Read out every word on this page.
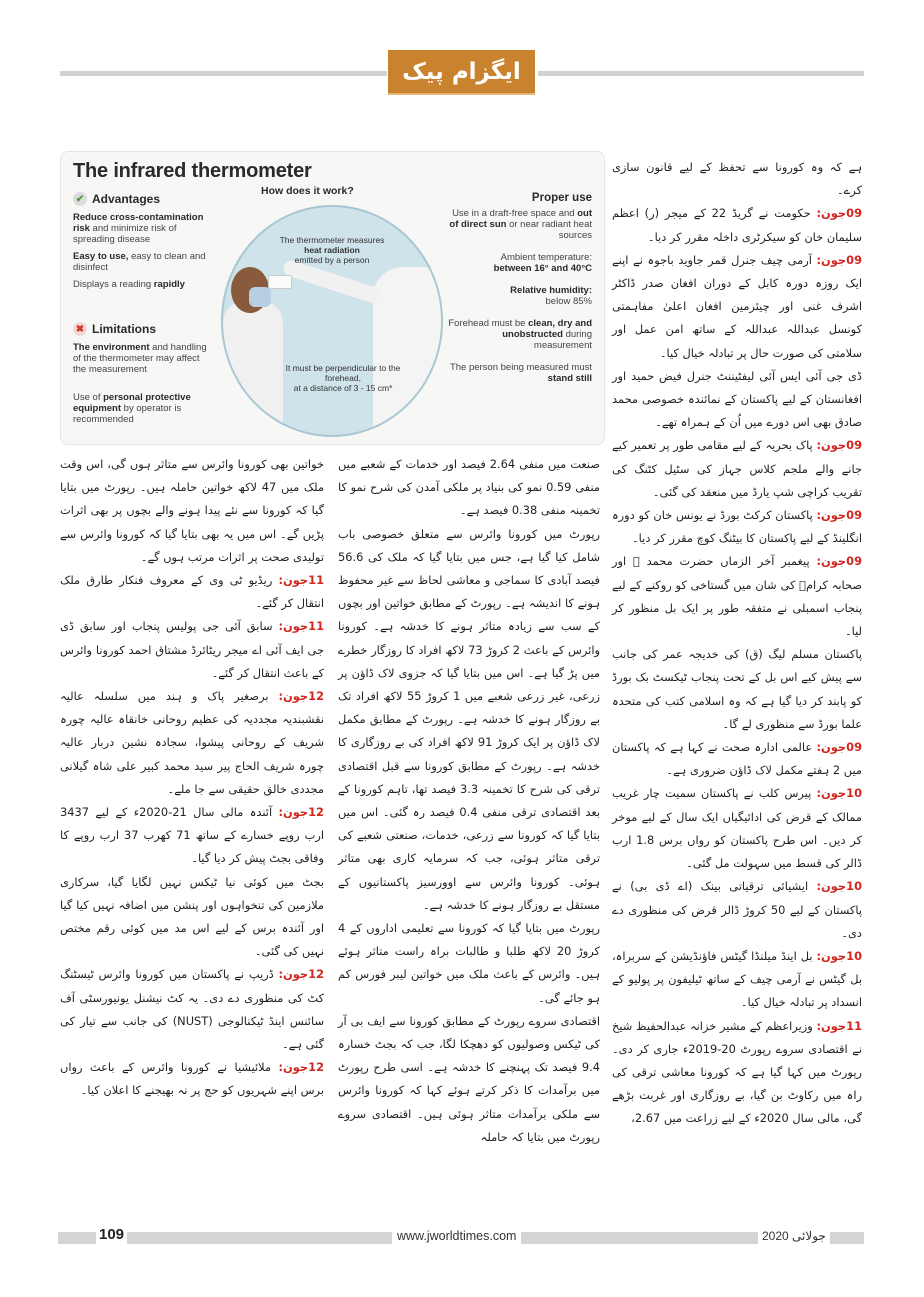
ایگزام پیک
The infrared thermometer
✔ Advantages
Reduce cross-contamination risk and minimize risk of spreading disease
Easy to use, easy to clean and disinfect
Displays a reading rapidly
✖ Limitations
The environment and handling of the thermometer may affect the measurement
Use of personal protective equipment by operator is recommended
How does it work?
The thermometer measures
heat radiation
emitted by a person
It must be perpendicular to the forehead,
at a distance of 3 - 15 cm*
Proper use
Use in a draft-free space and out of direct sun or near radiant heat sources
Ambient temperature:
between 16° and 40°C
Relative humidity:
below 85%
Forehead must be clean, dry and unobstructed during measurement
The person being measured must
stand still

ہے کہ وہ کورونا سے تحفظ کے لیے قانون سازی کرے۔

09جون: حکومت نے گریڈ 22 کے میجر (ر) اعظم سلیمان خان کو سیکرٹری داخلہ مقرر کر دیا۔

09جون: آرمی چیف جنرل قمر جاوید باجوہ نے اپنے ایک روزہ دورہ کابل کے دوران افغان صدر ڈاکٹر اشرف غنی اور چیئرمین افغان اعلیٰ مفاہمتی کونسل عبداللہ عبداللہ کے ساتھ امن عمل اور سلامتی کی صورت حال پر تبادلہ خیال کیا۔

ڈی جی آئی ایس آئی لیفٹیننٹ جنرل فیض حمید اور افغانستان کے لیے پاکستان کے نمائندہ خصوصی محمد صادق بھی اس دورے میں اُن کے ہمراہ تھے۔

09جون: پاک بحریہ کے لیے مقامی طور پر تعمیر کیے جانے والے ملجم کلاس جہاز کی سٹیل کٹنگ کی تقریب کراچی شپ یارڈ میں منعقد کی گئی۔

09جون: پاکستان کرکٹ بورڈ نے یونس خان کو دورہ انگلینڈ کے لیے پاکستان کا بیٹنگ کوچ مقرر کر دیا۔

09جون: پیغمبر آخر الزماں حضرت محمد ﷺ اور صحابہ کرامؓ کی شان میں گستاخی کو روکنے کے لیے پنجاب اسمبلی نے متفقہ طور پر ایک بل منظور کر لیا۔

پاکستان مسلم لیگ (ق) کی خدیجہ عمر کی جانب سے پیش کیے اس بل کے تحت پنجاب ٹیکسٹ بک بورڈ کو پابند کر دیا گیا ہے کہ وہ اسلامی کتب کی متحدہ علما بورڈ سے منظوری لے گا۔

09جون: عالمی ادارہ صحت نے کہا ہے کہ پاکستان میں 2 ہفتے مکمل لاک ڈاؤن ضروری ہے۔

10جون: پیرس کلب نے پاکستان سمیت چار غریب ممالک کے قرض کی ادائیگیاں ایک سال کے لیے موخر کر دیں۔ اس طرح پاکستان کو رواں برس 1.8 ارب ڈالر کی قسط میں سہولت مل گئی۔

10جون: ایشیائی ترقیاتی بینک (اے ڈی بی) نے پاکستان کے لیے 50 کروڑ ڈالر قرض کی منظوری دے دی۔

10جون: بل اینڈ میلنڈا گیٹس فاؤنڈیشن کے سربراہ، بل گیٹس نے آرمی چیف کے ساتھ ٹیلیفون پر پولیو کے انسداد پر تبادلہ خیال کیا۔

11جون: وزیراعظم کے مشیر خزانہ عبدالحفیظ شیخ نے اقتصادی سروے رپورٹ 20-2019ء جاری کر دی۔ رپورٹ میں کہا گیا ہے کہ کورونا معاشی ترقی کی راہ میں رکاوٹ بن گیا، بے روزگاری اور غربت بڑھے گی، مالی سال 2020ء کے لیے زراعت میں 2.67،

صنعت میں منفی 2.64 فیصد اور خدمات کے شعبے میں منفی 0.59 نمو کی بنیاد پر ملکی آمدن کی شرح نمو کا تخمینہ منفی 0.38 فیصد ہے۔

رپورٹ میں کورونا وائرس سے متعلق خصوصی باب شامل کیا گیا ہے، جس میں بتایا گیا کہ ملک کی 56.6 فیصد آبادی کا سماجی و معاشی لحاظ سے غیر محفوظ ہونے کا اندیشہ ہے۔ رپورٹ کے مطابق خواتین اور بچوں کے سب سے زیادہ متاثر ہونے کا خدشہ ہے۔ کورونا وائرس کے باعث 2 کروڑ 73 لاکھ افراد کا روزگار خطرے میں پڑ گیا ہے۔ اس میں بتایا گیا کہ جزوی لاک ڈاؤن پر زرعی، غیر زرعی شعبے میں 1 کروڑ 55 لاکھ افراد تک بے روزگار ہونے کا خدشہ ہے۔ رپورٹ کے مطابق مکمل لاک ڈاؤن پر ایک کروڑ 91 لاکھ افراد کی بے روزگاری کا خدشہ ہے۔ رپورٹ کے مطابق کورونا سے قبل اقتصادی ترقی کی شرح کا تخمینہ 3.3 فیصد تھا، تاہم کورونا کے بعد اقتصادی ترقی منفی 0.4 فیصد رہ گئی۔ اس میں بتایا گیا کہ کورونا سے زرعی، خدمات، صنعتی شعبے کی ترقی متاثر ہوئی، جب کہ سرمایہ کاری بھی متاثر ہوئی۔ کورونا وائرس سے اوورسیز پاکستانیوں کے مستقل بے روزگار ہونے کا خدشہ ہے۔

رپورٹ میں بتایا گیا کہ کورونا سے تعلیمی اداروں کے 4 کروڑ 20 لاکھ طلبا و طالبات براہ راست متاثر ہوئے ہیں۔ وائرس کے باعث ملک میں خواتین لیبر فورس کم ہو جائے گی۔

اقتصادی سروے رپورٹ کے مطابق کورونا سے ایف بی آر کی ٹیکس وصولیوں کو دھچکا لگا، جب کہ بجٹ خسارہ 9.4 فیصد تک پہنچنے کا خدشہ ہے۔ اسی طرح رپورٹ میں برآمدات کا ذکر کرتے ہوئے کہا کہ کورونا وائرس سے ملکی برآمدات متاثر ہوئی ہیں۔ اقتصادی سروے رپورٹ میں بتایا کہ حاملہ

خواتین بھی کورونا وائرس سے متاثر ہوں گی، اس وقت ملک میں 47 لاکھ خواتین حاملہ ہیں۔ رپورٹ میں بتایا گیا کہ کورونا سے نئے پیدا ہونے والے بچوں پر بھی اثرات پڑیں گے۔ اس میں یہ بھی بتایا گیا کہ کورونا وائرس سے تولیدی صحت پر اثرات مرتب ہوں گے۔

11جون: ریڈیو ٹی وی کے معروف فنکار طارق ملک انتقال کر گئے۔

11جون: سابق آئی جی پولیس پنجاب اور سابق ڈی جی ایف آئی اے میجر ریٹائرڈ مشتاق احمد کورونا وائرس کے باعث انتقال کر گئے۔

12جون: برصغیر پاک و ہند میں سلسلہ عالیہ نقشبندیہ مجددیہ کی عظیم روحانی خانقاہ عالیہ چورہ شریف کے روحانی پیشوا، سجادہ نشین دربار عالیہ چورہ شریف الحاج پیر سید محمد کبیر علی شاہ گیلانی مجددی خالق حقیقی سے جا ملے۔

12جون: آئندہ مالی سال 21-2020ء کے لیے 3437 ارب روپے خسارے کے ساتھ 71 کھرب 37 ارب روپے کا وفاقی بجٹ پیش کر دیا گیا۔

بجٹ میں کوئی نیا ٹیکس نہیں لگایا گیا، سرکاری ملازمین کی تنخواہوں اور پنشن میں اضافہ نہیں کیا گیا اور آئندہ برس کے لیے اس مد میں کوئی رقم مختص نہیں کی گئی۔

12جون: ڈریپ نے پاکستان میں کورونا وائرس ٹیسٹنگ کٹ کی منظوری دے دی۔ یہ کٹ نیشنل یونیورسٹی آف سائنس اینڈ ٹیکنالوجی (NUST) کی جانب سے تیار کی گئی ہے۔

12جون: ملائیشیا نے کورونا وائرس کے باعث رواں برس اپنے شہریوں کو حج پر نہ بھیجنے کا اعلان کیا۔

109	www.jworldtimes.com	جولائی 2020
